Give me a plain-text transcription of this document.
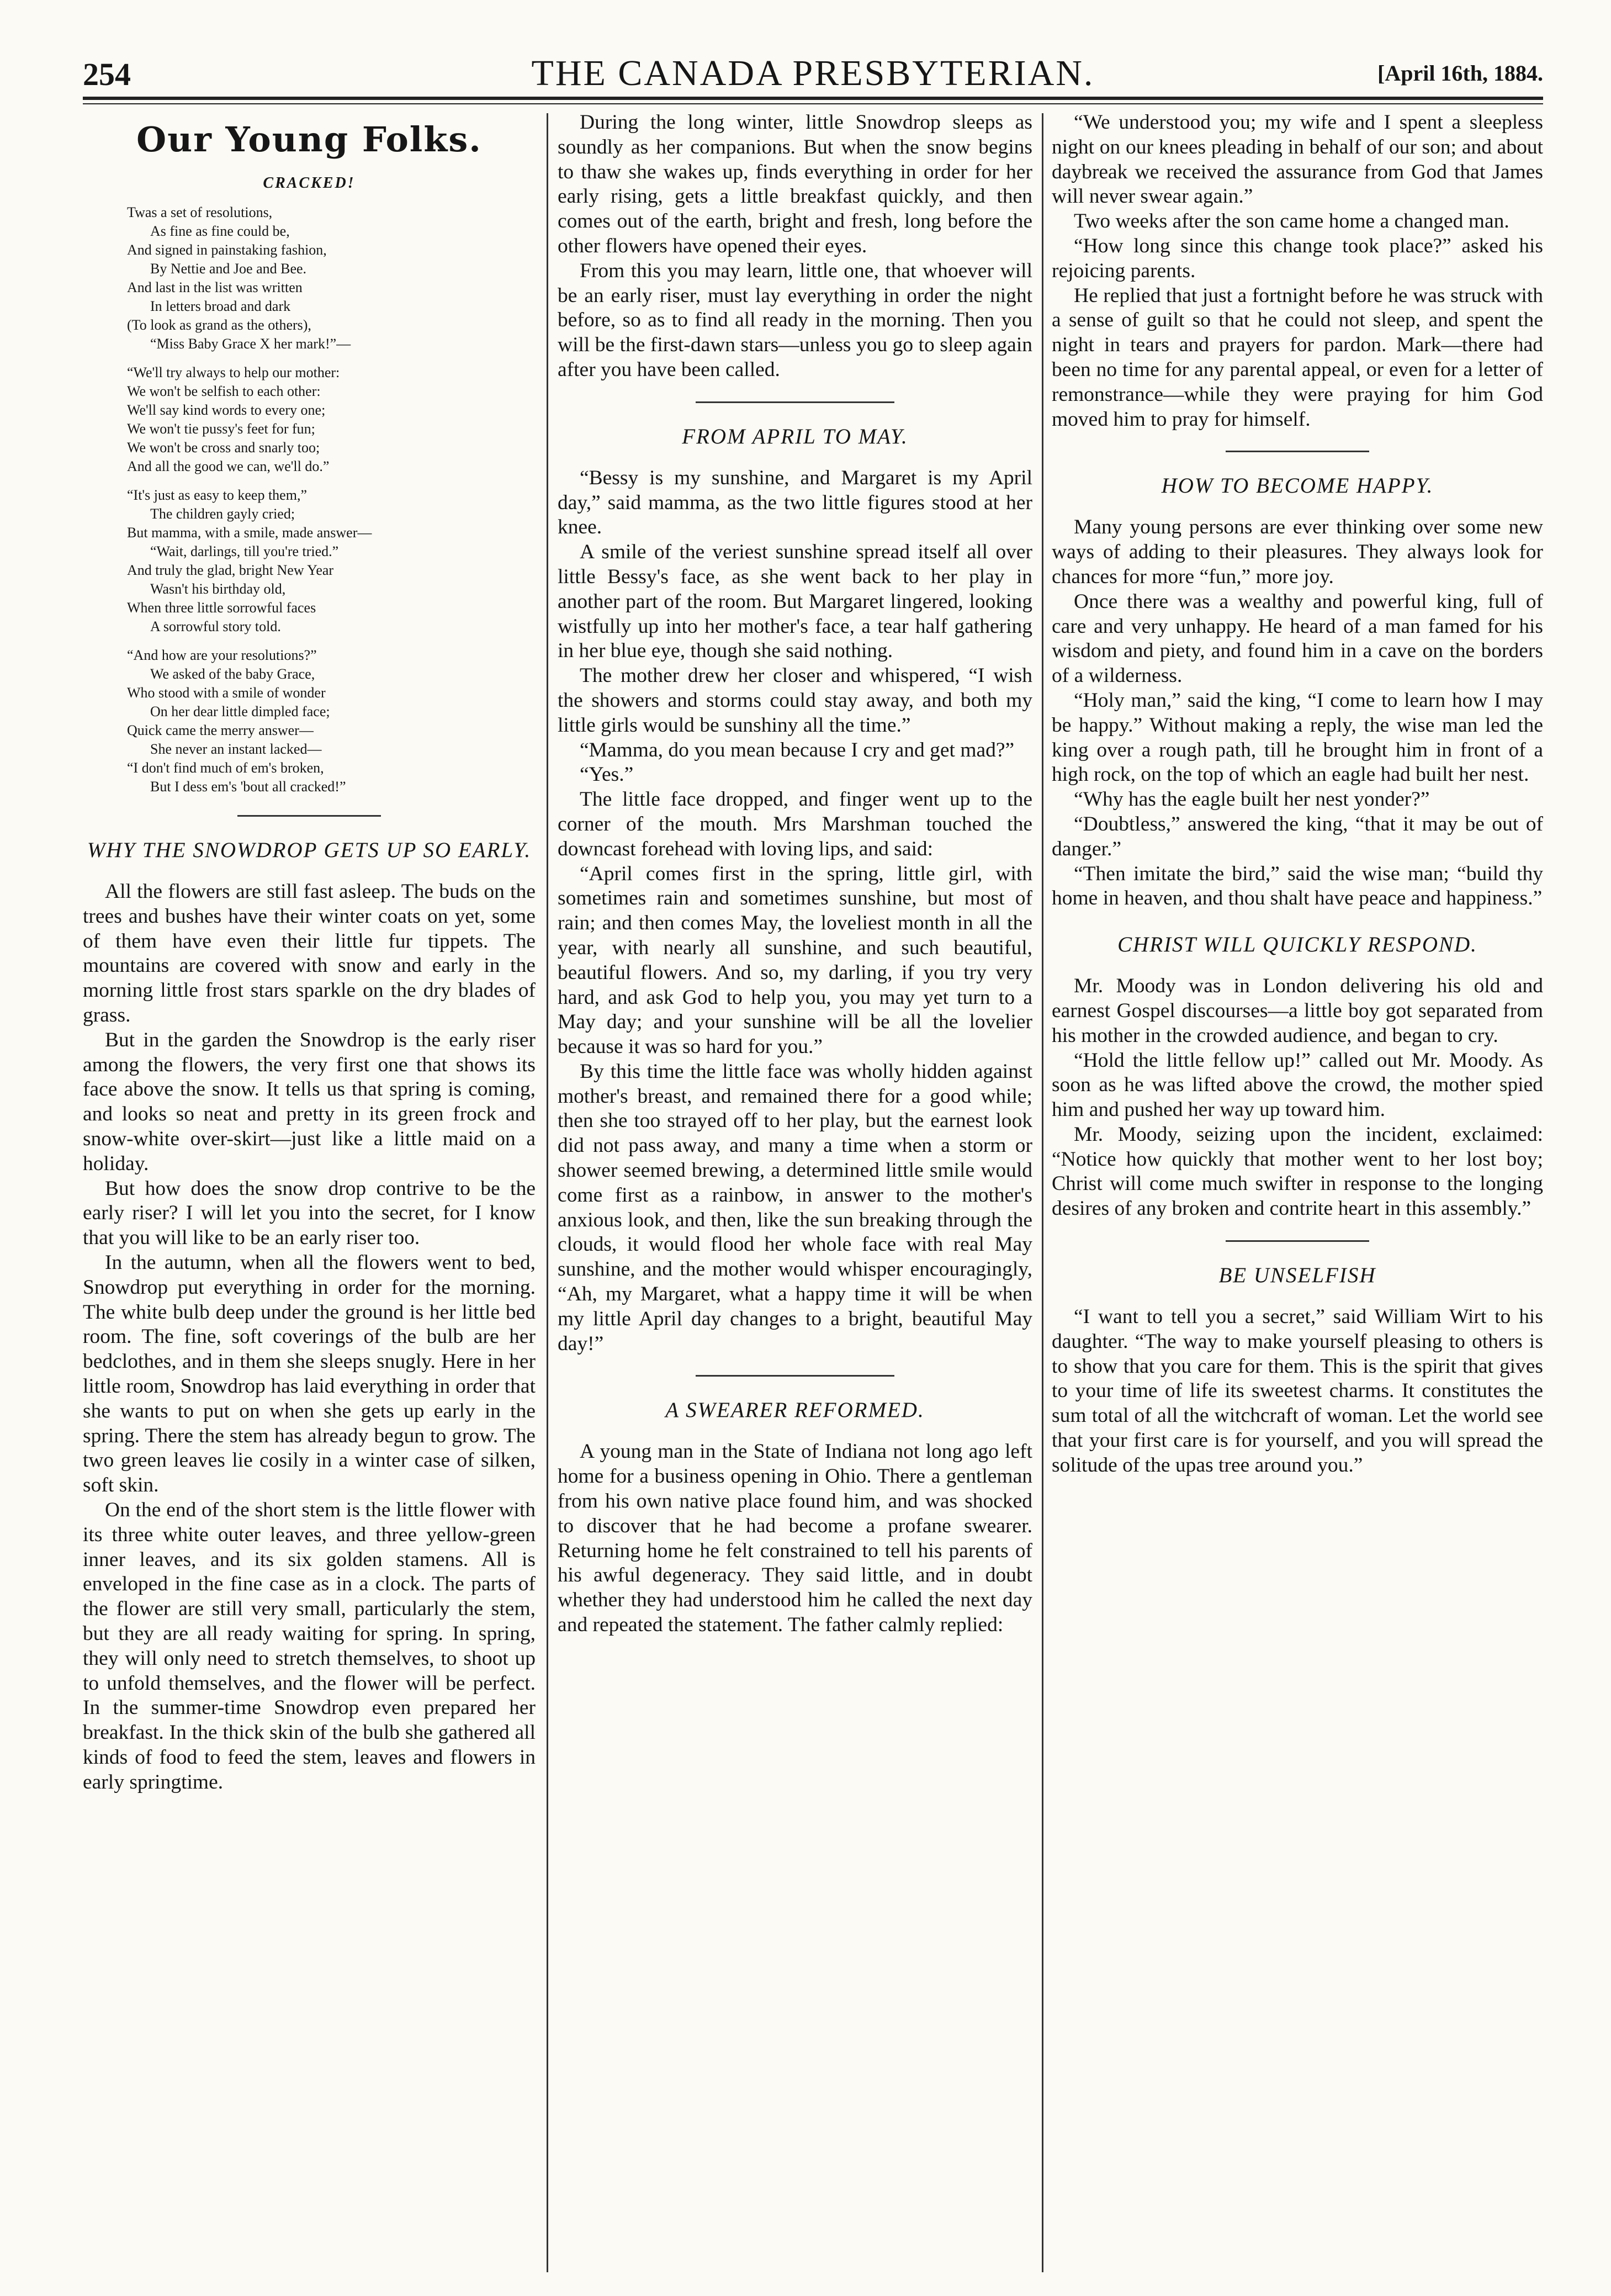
254	THE CANADA PRESBYTERIAN.	[April 16th, 1884.
Our Young Folks.
CRACKED!
Twas a set of resolutions,
As fine as fine could be,
And signed in painstaking fashion,
By Nettie and Joe and Bee.
And last in the list was written
In letters broad and dark
(To look as grand as the others),
“Miss Baby Grace X her mark!”—
“We'll try always to help our mother:
We won't be selfish to each other:
We'll say kind words to every one;
We won't tie pussy's feet for fun;
We won't be cross and snarly too;
And all the good we can, we'll do.”
“It's just as easy to keep them,”
The children gayly cried;
But mamma, with a smile, made answer—
“Wait, darlings, till you're tried.”
And truly the glad, bright New Year
Wasn't his birthday old,
When three little sorrowful faces
A sorrowful story told.
“And how are your resolutions?”
We asked of the baby Grace,
Who stood with a smile of wonder
On her dear little dimpled face;
Quick came the merry answer—
She never an instant lacked—
“I don't find much of em's broken,
But I dess em's 'bout all cracked!”
WHY THE SNOWDROP GETS UP SO EARLY.

All the flowers are still fast asleep. The buds on the trees and bushes have their winter coats on yet, some of them have even their little fur tippets. The mountains are covered with snow and early in the morning little frost stars sparkle on the dry blades of grass.

But in the garden the Snowdrop is the early riser among the flowers, the very first one that shows its face above the snow. It tells us that spring is coming, and looks so neat and pretty in its green frock and snow-white over-skirt—just like a little maid on a holiday.

But how does the snow drop contrive to be the early riser? I will let you into the secret, for I know that you will like to be an early riser too.

In the autumn, when all the flowers went to bed, Snowdrop put everything in order for the morning. The white bulb deep under the ground is her little bed room. The fine, soft coverings of the bulb are her bedclothes, and in them she sleeps snugly. Here in her little room, Snowdrop has laid everything in order that she wants to put on when she gets up early in the spring. There the stem has already begun to grow. The two green leaves lie cosily in a winter case of silken, soft skin.

On the end of the short stem is the little flower with its three white outer leaves, and three yellow-green inner leaves, and its six golden stamens. All is enveloped in the fine case as in a clock. The parts of the flower are still very small, particularly the stem, but they are all ready waiting for spring. In spring, they will only need to stretch themselves, to shoot up to unfold themselves, and the flower will be perfect. In the summer-time Snowdrop even prepared her breakfast. In the thick skin of the bulb she gathered all kinds of food to feed the stem, leaves and flowers in early springtime.

During the long winter, little Snowdrop sleeps as soundly as her companions. But when the snow begins to thaw she wakes up, finds everything in order for her early rising, gets a little breakfast quickly, and then comes out of the earth, bright and fresh, long before the other flowers have opened their eyes.

From this you may learn, little one, that whoever will be an early riser, must lay everything in order the night before, so as to find all ready in the morning. Then you will be the first-dawn stars—unless you go to sleep again after you have been called.

FROM APRIL TO MAY.

“Bessy is my sunshine, and Margaret is my April day,” said mamma, as the two little figures stood at her knee.

A smile of the veriest sunshine spread itself all over little Bessy's face, as she went back to her play in another part of the room. But Margaret lingered, looking wistfully up into her mother's face, a tear half gathering in her blue eye, though she said nothing.

The mother drew her closer and whispered, “I wish the showers and storms could stay away, and both my little girls would be sunshiny all the time.”

“Mamma, do you mean because I cry and get mad?”

“Yes.”

The little face dropped, and finger went up to the corner of the mouth. Mrs Marshman touched the downcast forehead with loving lips, and said:

“April comes first in the spring, little girl, with sometimes rain and sometimes sunshine, but most of rain; and then comes May, the loveliest month in all the year, with nearly all sunshine, and such beautiful, beautiful flowers. And so, my darling, if you try very hard, and ask God to help you, you may yet turn to a May day; and your sunshine will be all the lovelier because it was so hard for you.”

By this time the little face was wholly hidden against mother's breast, and remained there for a good while; then she too strayed off to her play, but the earnest look did not pass away, and many a time when a storm or shower seemed brewing, a determined little smile would come first as a rainbow, in answer to the mother's anxious look, and then, like the sun breaking through the clouds, it would flood her whole face with real May sunshine, and the mother would whisper encouragingly, “Ah, my Margaret, what a happy time it will be when my little April day changes to a bright, beautiful May day!”

A SWEARER REFORMED.

A young man in the State of Indiana not long ago left home for a business opening in Ohio. There a gentleman from his own native place found him, and was shocked to discover that he had become a profane swearer. Returning home he felt constrained to tell his parents of his awful degeneracy. They said little, and in doubt whether they had understood him he called the next day and repeated the statement. The father calmly replied:

“We understood you; my wife and I spent a sleepless night on our knees pleading in behalf of our son; and about daybreak we received the assurance from God that James will never swear again.”

Two weeks after the son came home a changed man.

“How long since this change took place?” asked his rejoicing parents.

He replied that just a fortnight before he was struck with a sense of guilt so that he could not sleep, and spent the night in tears and prayers for pardon. Mark—there had been no time for any parental appeal, or even for a letter of remonstrance—while they were praying for him God moved him to pray for himself.

HOW TO BECOME HAPPY.

Many young persons are ever thinking over some new ways of adding to their pleasures. They always look for chances for more “fun,” more joy.

Once there was a wealthy and powerful king, full of care and very unhappy. He heard of a man famed for his wisdom and piety, and found him in a cave on the borders of a wilderness.

“Holy man,” said the king, “I come to learn how I may be happy.” Without making a reply, the wise man led the king over a rough path, till he brought him in front of a high rock, on the top of which an eagle had built her nest.

“Why has the eagle built her nest yonder?”

“Doubtless,” answered the king, “that it may be out of danger.”

“Then imitate the bird,” said the wise man; “build thy home in heaven, and thou shalt have peace and happiness.”

CHRIST WILL QUICKLY RESPOND.

Mr. Moody was in London delivering his old and earnest Gospel discourses—a little boy got separated from his mother in the crowded audience, and began to cry.

“Hold the little fellow up!” called out Mr. Moody. As soon as he was lifted above the crowd, the mother spied him and pushed her way up toward him.

Mr. Moody, seizing upon the incident, exclaimed: “Notice how quickly that mother went to her lost boy; Christ will come much swifter in response to the longing desires of any broken and contrite heart in this assembly.”

BE UNSELFISH

“I want to tell you a secret,” said William Wirt to his daughter. “The way to make yourself pleasing to others is to show that you care for them. This is the spirit that gives to your time of life its sweetest charms. It constitutes the sum total of all the witchcraft of woman. Let the world see that your first care is for yourself, and you will spread the solitude of the upas tree around you.”
